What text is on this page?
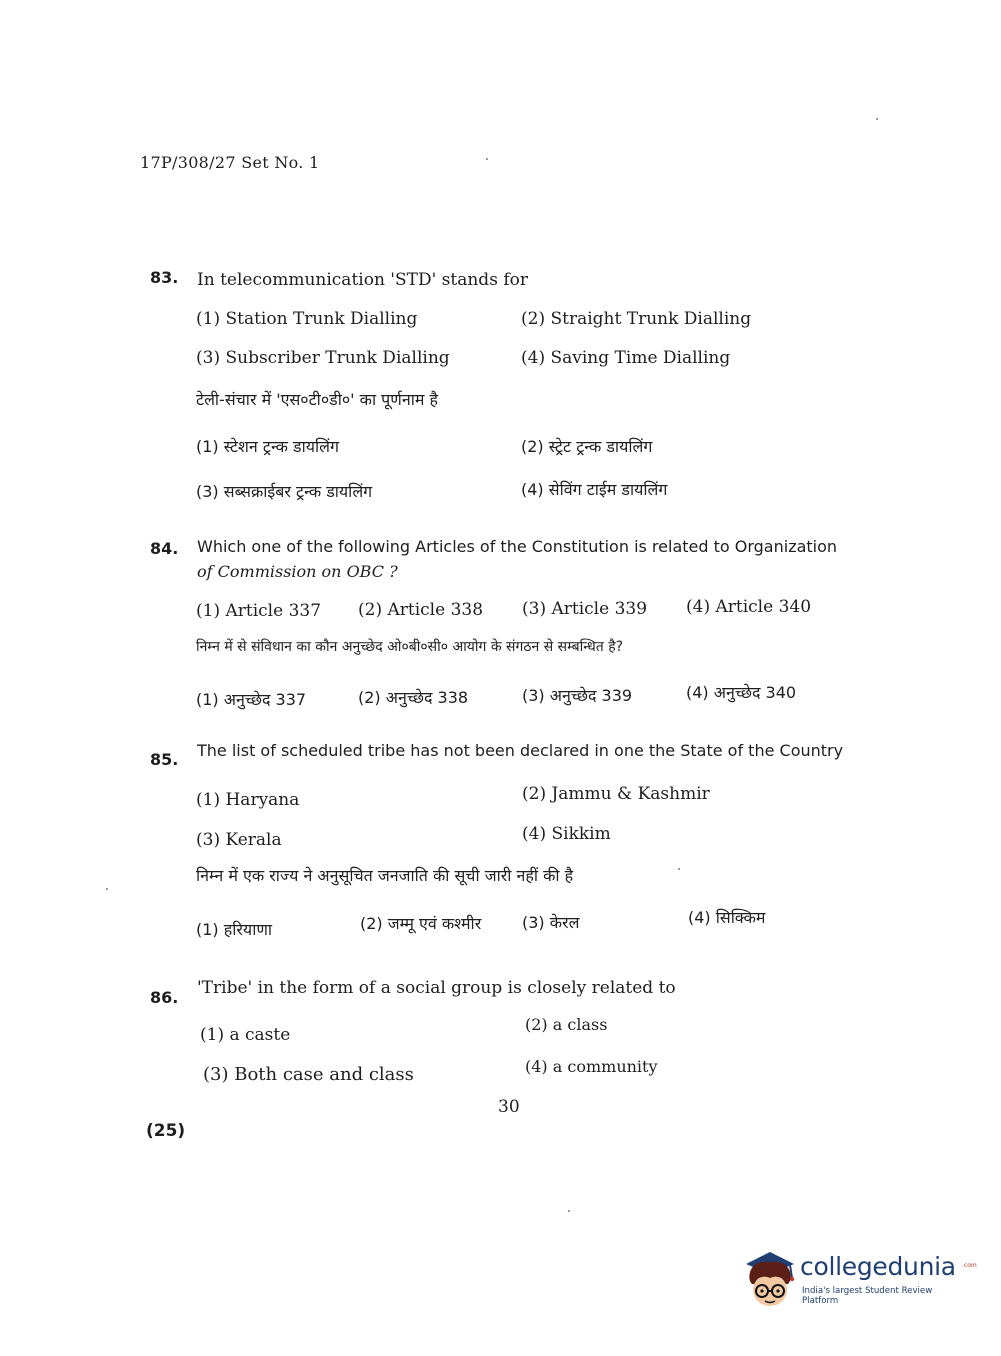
17P/308/27 Set No. 1
83. In telecommunication 'STD' stands for
(1) Station Trunk Dialling	(2) Straight Trunk Dialling
(3) Subscriber Trunk Dialling	(4) Saving Time Dialling
टेली-संचार में 'एस०टी०डी०' का पूर्णनाम है
(1) स्टेशन ट्रन्क डायलिंग	(2) स्ट्रेट ट्रन्क डायलिंग
(3) सब्सक्राईबर ट्रन्क डायलिंग	(4) सेविंग टाईम डायलिंग
84. Which one of the following Articles of the Constitution is related to Organization
of Commission on OBC ?
(1) Article 337 (2) Article 338 (3) Article 339 (4) Article 340
निम्न में से संविधान का कौन अनुच्छेद ओ०बी०सी० आयोग के संगठन से सम्बन्धित है?
(1) अनुच्छेद 337	(2) अनुच्छेद 338	(3) अनुच्छेद 339	(4) अनुच्छेद 340
85. The list of scheduled tribe has not been declared in one the State of the Country
(1) Haryana	(2) Jammu & Kashmir
(3) Kerala	(4) Sikkim
निम्न में एक राज्य ने अनुसूचित जनजाति की सूची जारी नहीं की है
(1) हरियाणा	(2) जम्मू एवं कश्मीर	(3) केरल	(4) सिक्किम
86. 'Tribe' in the form of a social group is closely related to
(1) a caste
(2) a class
(3) Both case and class	(4) a community
30
(25)
collegedunia .com
India's largest Student Review Platform
